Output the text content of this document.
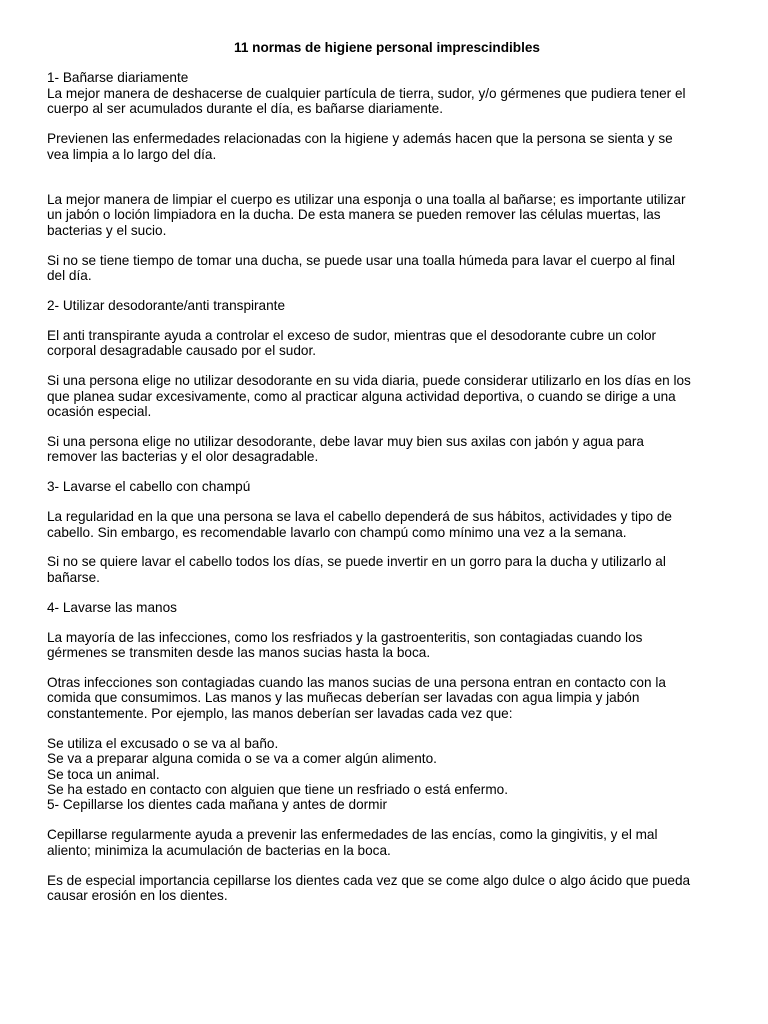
11 normas de higiene personal imprescindibles
1- Bañarse diariamente
La mejor manera de deshacerse de cualquier partícula de tierra, sudor, y/o gérmenes que pudiera tener el
cuerpo al ser acumulados durante el día, es bañarse diariamente.
Previenen las enfermedades relacionadas con la higiene y además hacen que la persona se sienta y se
vea limpia a lo largo del día.
La mejor manera de limpiar el cuerpo es utilizar una esponja o una toalla al bañarse; es importante utilizar
un jabón o loción limpiadora en la ducha. De esta manera se pueden remover las células muertas, las
bacterias y el sucio.
Si no se tiene tiempo de tomar una ducha, se puede usar una toalla húmeda para lavar el cuerpo al final
del día.
2- Utilizar desodorante/anti transpirante
El anti transpirante ayuda a controlar el exceso de sudor, mientras que el desodorante cubre un color
corporal desagradable causado por el sudor.
Si una persona elige no utilizar desodorante en su vida diaria, puede considerar utilizarlo en los días en los
que planea sudar excesivamente, como al practicar alguna actividad deportiva, o cuando se dirige a una
ocasión especial.
Si una persona elige no utilizar desodorante, debe lavar muy bien sus axilas con jabón y agua para
remover las bacterias y el olor desagradable.
3- Lavarse el cabello con champú
La regularidad en la que una persona se lava el cabello dependerá de sus hábitos, actividades y tipo de
cabello. Sin embargo, es recomendable lavarlo con champú como mínimo una vez a la semana.
Si no se quiere lavar el cabello todos los días, se puede invertir en un gorro para la ducha y utilizarlo al
bañarse.
4- Lavarse las manos
La mayoría de las infecciones, como los resfriados y la gastroenteritis, son contagiadas cuando los
gérmenes se transmiten desde las manos sucias hasta la boca.
Otras infecciones son contagiadas cuando las manos sucias de una persona entran en contacto con la
comida que consumimos. Las manos y las muñecas deberían ser lavadas con agua limpia y jabón
constantemente. Por ejemplo, las manos deberían ser lavadas cada vez que:
Se utiliza el excusado o se va al baño.
Se va a preparar alguna comida o se va a comer algún alimento.
Se toca un animal.
Se ha estado en contacto con alguien que tiene un resfriado o está enfermo.
5- Cepillarse los dientes cada mañana y antes de dormir
Cepillarse regularmente ayuda a prevenir las enfermedades de las encías, como la gingivitis, y el mal
aliento; minimiza la acumulación de bacterias en la boca.
Es de especial importancia cepillarse los dientes cada vez que se come algo dulce o algo ácido que pueda
causar erosión en los dientes.
